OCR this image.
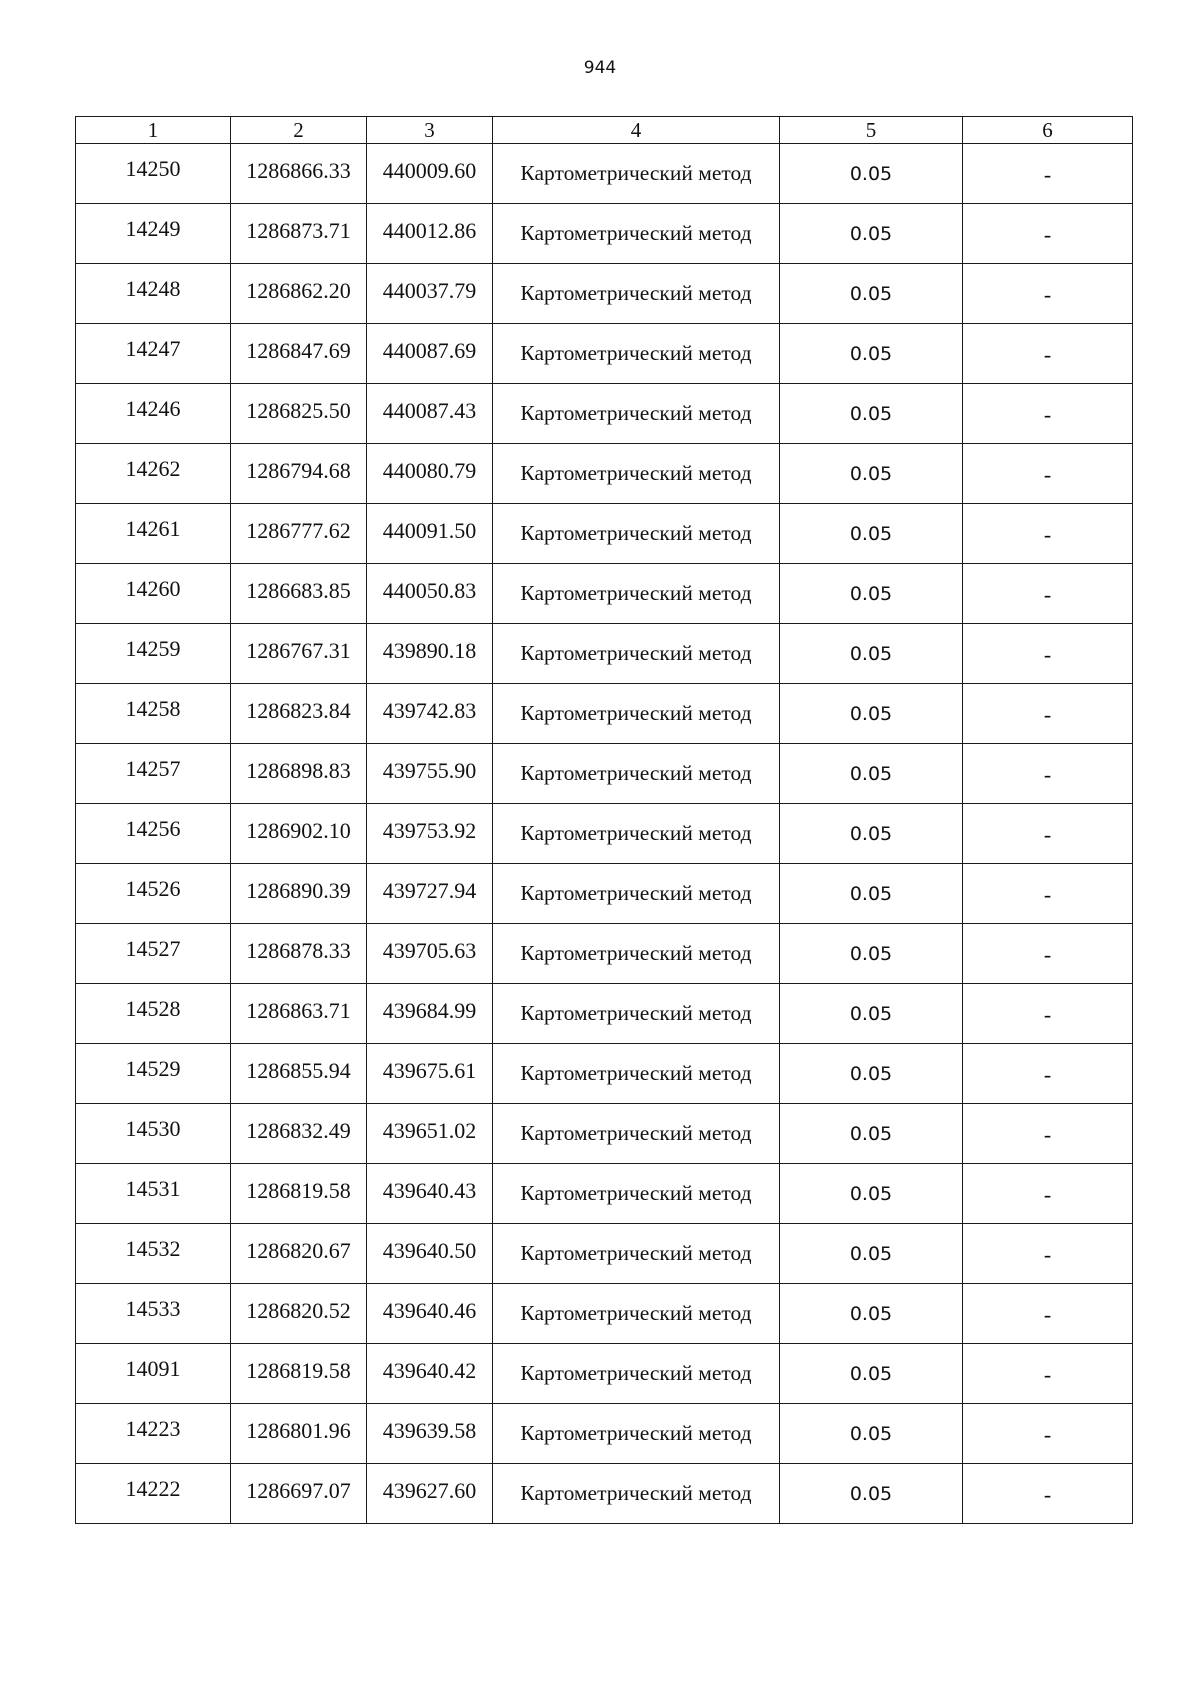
944
1	2	3	4	5	6
14250	1286866.33	440009.60	Картометрический метод	0.05	-
14249	1286873.71	440012.86	Картометрический метод	0.05	-
14248	1286862.20	440037.79	Картометрический метод	0.05	-
14247	1286847.69	440087.69	Картометрический метод	0.05	-
14246	1286825.50	440087.43	Картометрический метод	0.05	-
14262	1286794.68	440080.79	Картометрический метод	0.05	-
14261	1286777.62	440091.50	Картометрический метод	0.05	-
14260	1286683.85	440050.83	Картометрический метод	0.05	-
14259	1286767.31	439890.18	Картометрический метод	0.05	-
14258	1286823.84	439742.83	Картометрический метод	0.05	-
14257	1286898.83	439755.90	Картометрический метод	0.05	-
14256	1286902.10	439753.92	Картометрический метод	0.05	-
14526	1286890.39	439727.94	Картометрический метод	0.05	-
14527	1286878.33	439705.63	Картометрический метод	0.05	-
14528	1286863.71	439684.99	Картометрический метод	0.05	-
14529	1286855.94	439675.61	Картометрический метод	0.05	-
14530	1286832.49	439651.02	Картометрический метод	0.05	-
14531	1286819.58	439640.43	Картометрический метод	0.05	-
14532	1286820.67	439640.50	Картометрический метод	0.05	-
14533	1286820.52	439640.46	Картометрический метод	0.05	-
14091	1286819.58	439640.42	Картометрический метод	0.05	-
14223	1286801.96	439639.58	Картометрический метод	0.05	-
14222	1286697.07	439627.60	Картометрический метод	0.05	-
